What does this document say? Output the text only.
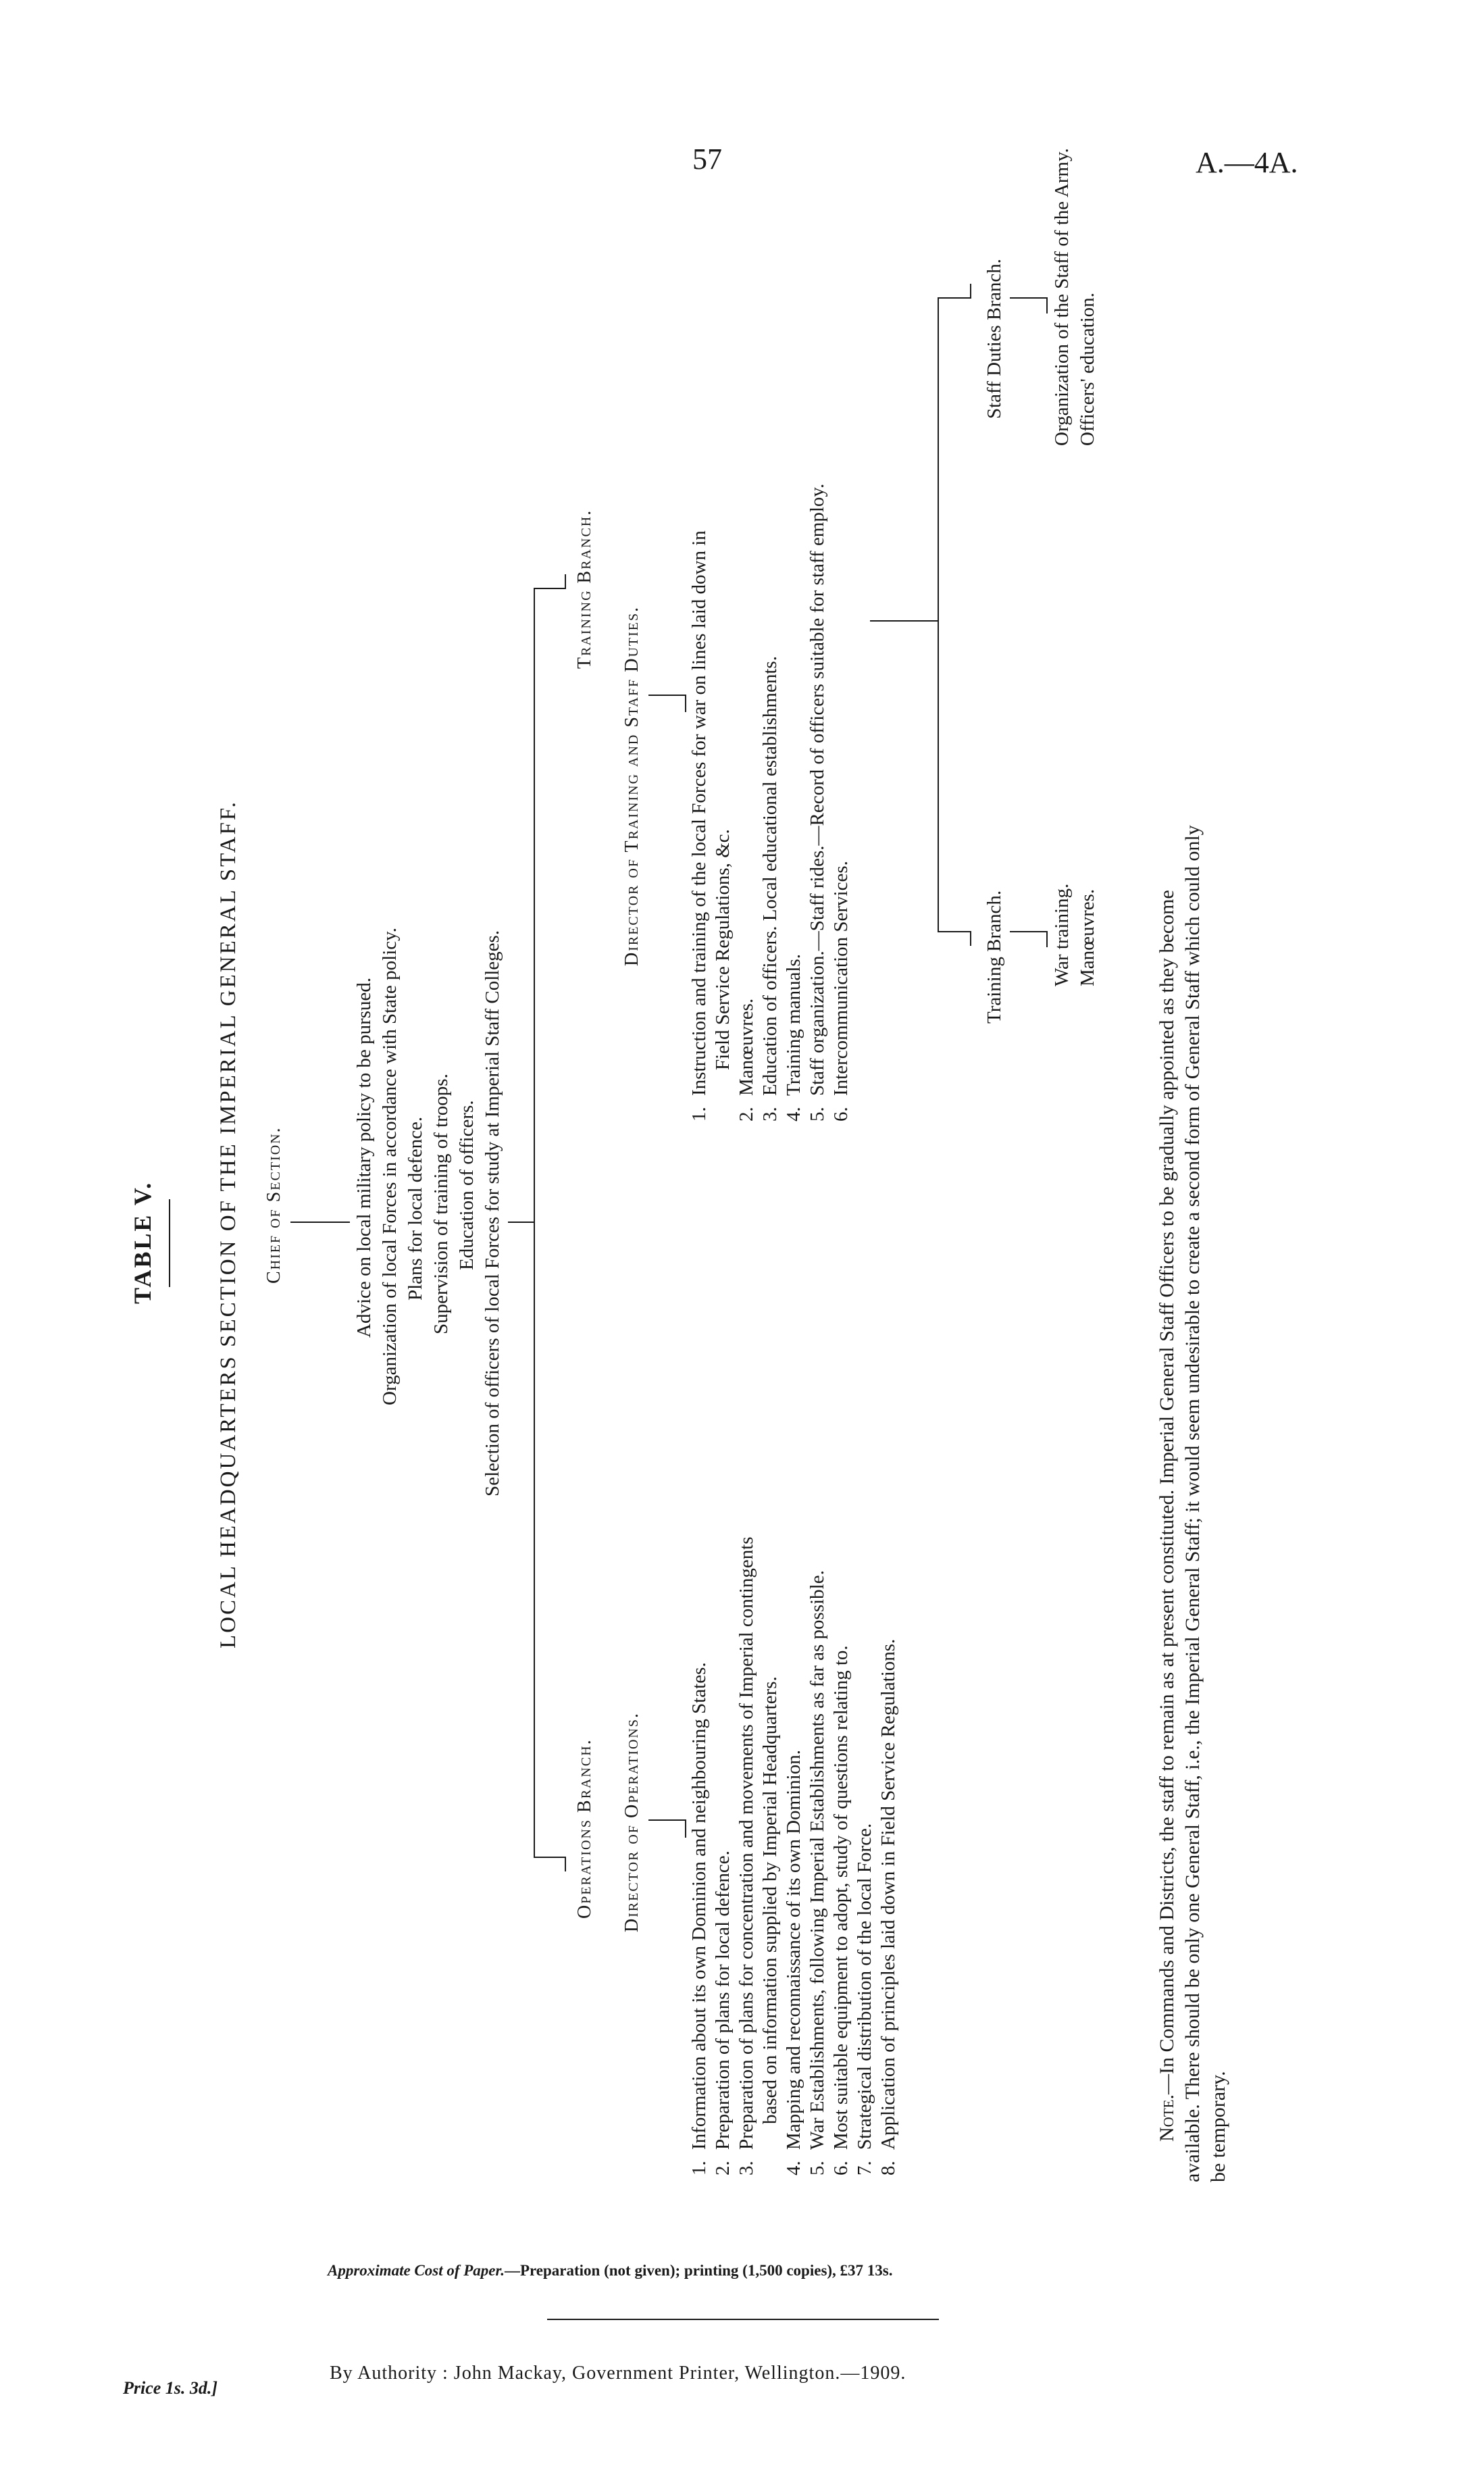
57	A.—4A.
TABLE V.	LOCAL HEADQUARTERS SECTION OF THE IMPERIAL GENERAL STAFF. Chief of Section.	Advice on local military policy to be pursued. Organization of local Forces in accordance with State policy. Plans for local defence. Supervision of training of troops. Education of officers. Selection of officers of local Forces for study at Imperial Staff Colleges.
Operations Branch. Director of Operations.
1.Information about its own Dominion and neighbouring States.
2.Preparation of plans for local defence.
3.Preparation of plans for concentration and movements of Imperial contingents based on information supplied by Imperial Headquarters.
4.Mapping and reconnaissance of its own Dominion.
5.War Establishments, following Imperial Establishments as far as possible.
6.Most suitable equipment to adopt, study of questions relating to.
7.Strategical distribution of the local Force.
8.Application of principles laid down in Field Service Regulations.
Training Branch.
Director of Training and Staff Duties.
1.Instruction and training of the local Forces for war on lines laid down in Field Service Regulations, &c.
2.Manœuvres.
3.Education of officers. Local educational establishments.
4.Training manuals.
5.Staff organization.—Staff rides.—Record of officers suitable for staff employ.
6.Intercommunication Services.	Training Branch. War training. Manœuvres.
Staff Duties Branch. Organization of the Staff of the Army. Officers' education.
Note.—In Commands and Districts, the staff to remain as at present constituted. Imperial General Staff Officers to be gradually appointed as they become available. There should be only one General Staff, i.e., the Imperial General Staff; it would seem undesirable to create a second form of General Staff which could only be temporary.
Approximate Cost of Paper.—Preparation (not given); printing (1,500 copies), £37 13s.
Price 1s. 3d.]
By Authority : John Mackay, Government Printer, Wellington.—1909.
